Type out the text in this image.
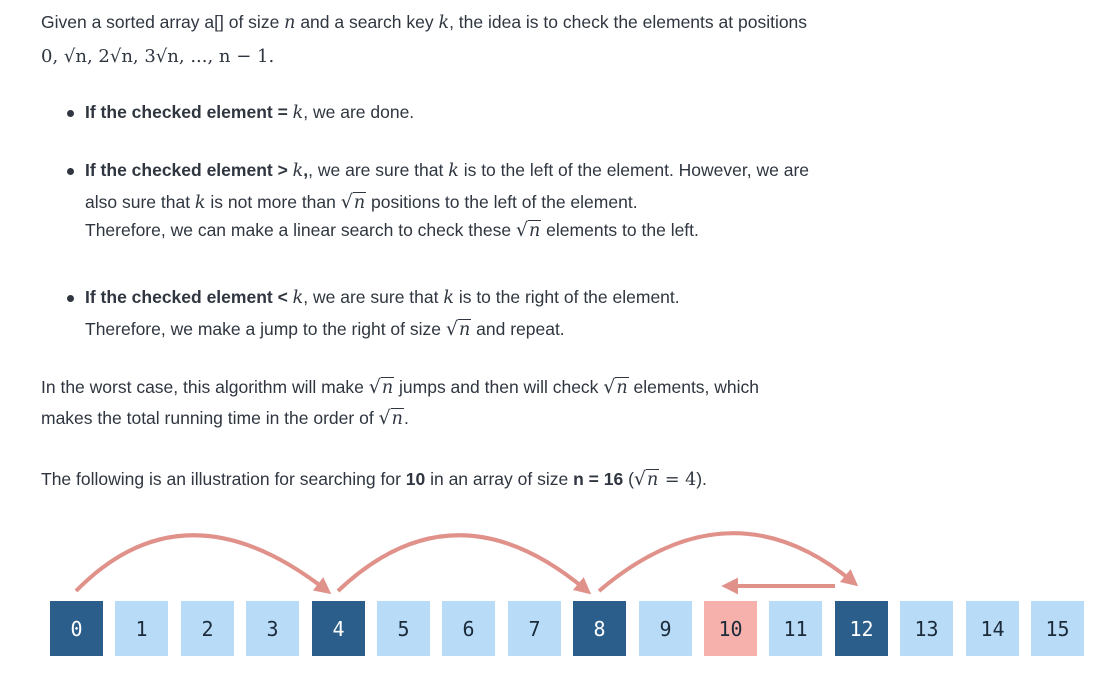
Given a sorted array a[] of size n and a search key k, the idea is to check the elements at positions

0, √n, 2√n, 3√n, ..., n − 1.

If the checked element = k, we are done.
If the checked element > k,, we are sure that k is to the left of the element. However, we are
also sure that k is not more than √n positions to the left of the element.
Therefore, we can make a linear search to check these √n elements to the left.
If the checked element < k, we are sure that k is to the right of the element.
Therefore, we make a jump to the right of size √n and repeat.

In the worst case, this algorithm will make √n jumps and then will check √n elements, which

makes the total running time in the order of √n.

The following is an illustration for searching for 10 in an array of size n = 16 (√n = 4).

0	1	2	3	4	5	6	7	8	9	10	11	12	13	14	15
